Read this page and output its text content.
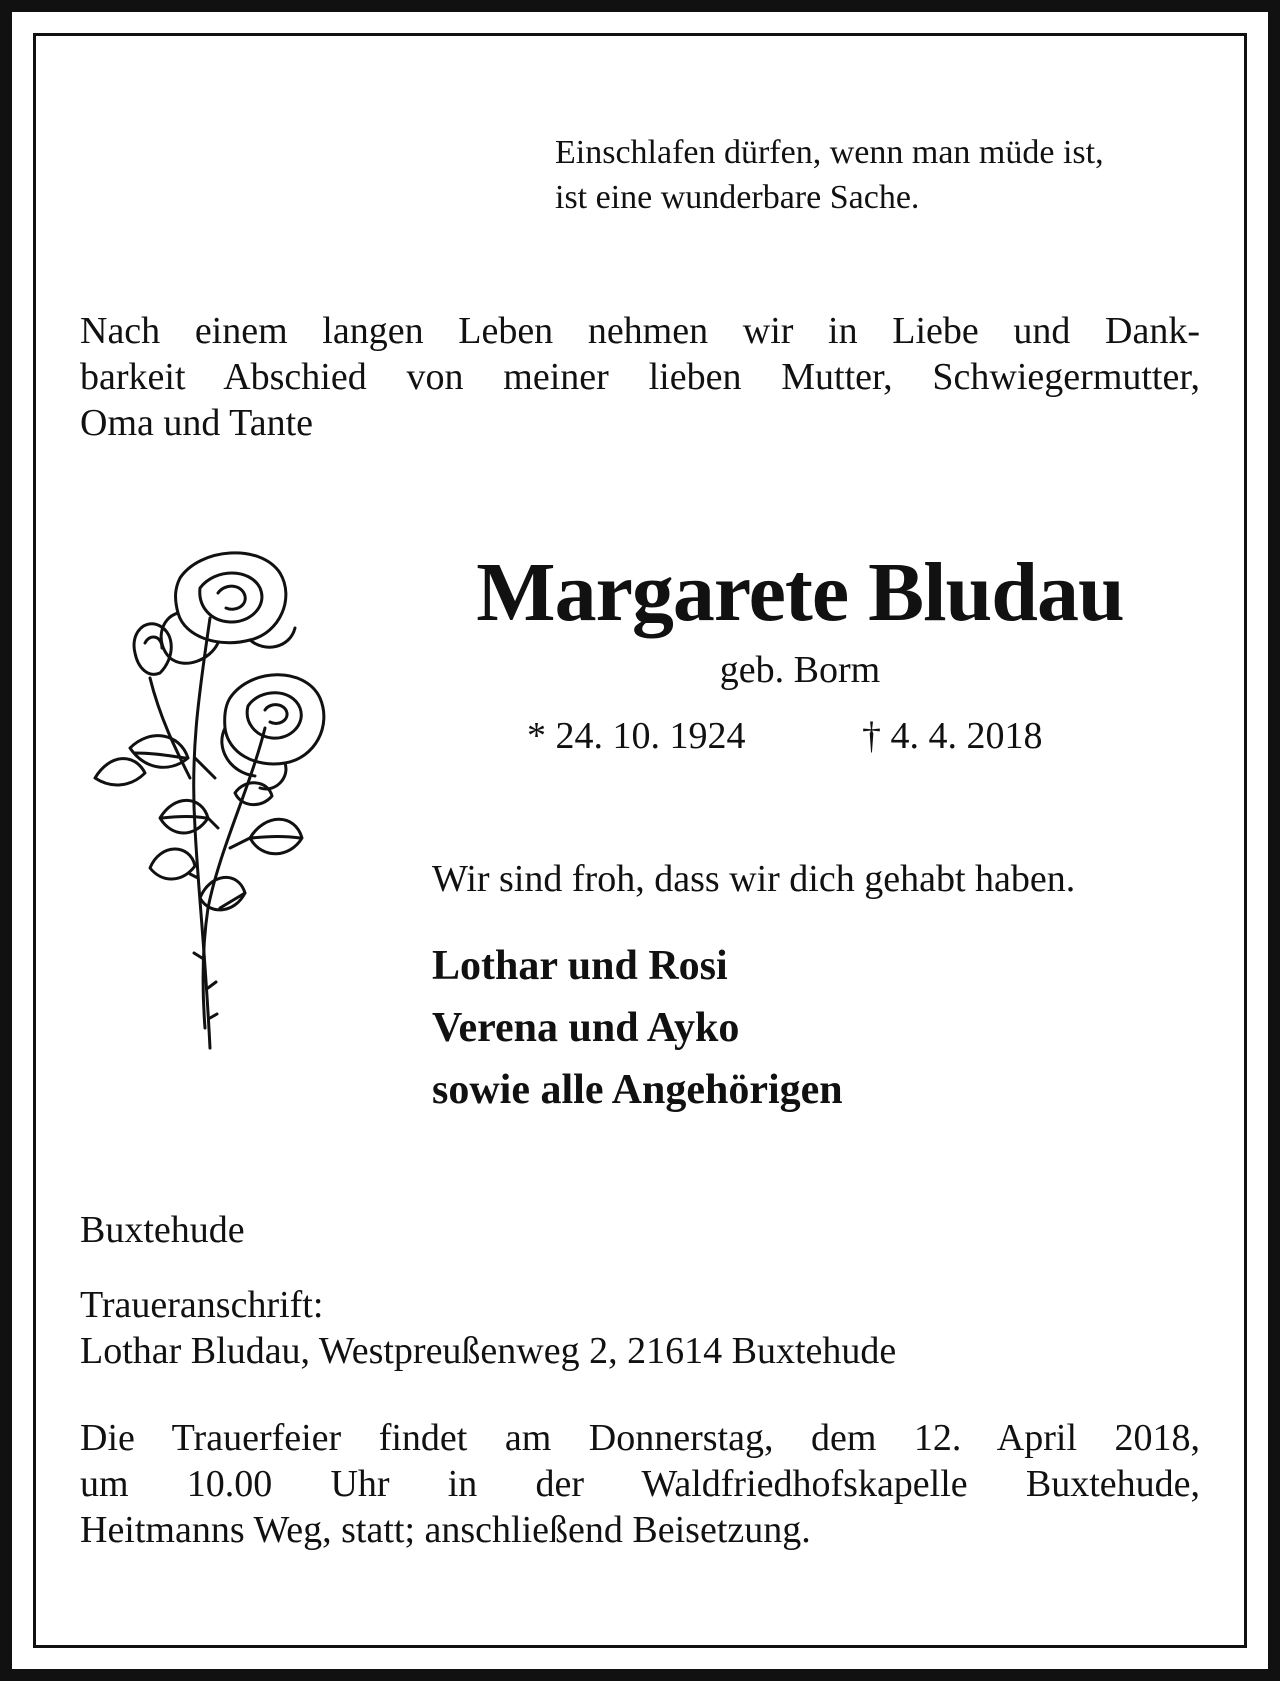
Einschlafen dürfen, wenn man müde ist,
ist eine wunderbare Sache.
Nach einem langen Leben nehmen wir in Liebe und Dank-
barkeit Abschied von meiner lieben Mutter, Schwiegermutter,
Oma und Tante
Margarete Bludau
geb. Borm
* 24. 10. 1924	† 4. 4. 2018
Wir sind froh, dass wir dich gehabt haben.
Lothar und Rosi
Verena und Ayko
sowie alle Angehörigen
Buxtehude
Traueranschrift:
Lothar Bludau, Westpreußenweg 2, 21614 Buxtehude
Die Trauerfeier findet am Donnerstag, dem 12. April 2018,
um 10.00 Uhr in der Waldfriedhofskapelle Buxtehude,
Heitmanns Weg, statt; anschließend Beisetzung.
